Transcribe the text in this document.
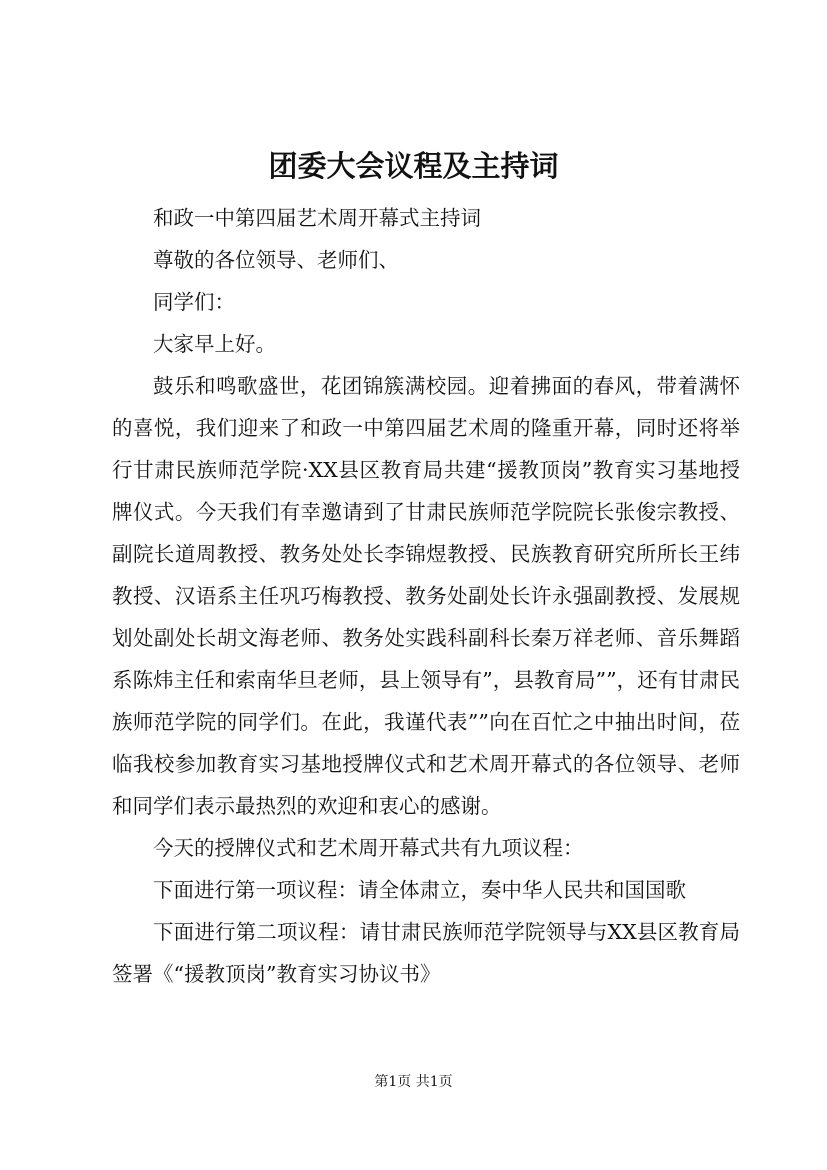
团委大会议程及主持词

和政一中第四届艺术周开幕式主持词

尊敬的各位领导、老师们、

同学们：

大家早上好。

鼓乐和鸣歌盛世，花团锦簇满校园。迎着拂面的春风，带着满怀的喜悦，我们迎来了和政一中第四届艺术周的隆重开幕，同时还将举行甘肃民族师范学院·XX县区教育局共建“援教顶岗”教育实习基地授牌仪式。今天我们有幸邀请到了甘肃民族师范学院院长张俊宗教授、副院长道周教授、教务处处长李锦煜教授、民族教育研究所所长王纬教授、汉语系主任巩巧梅教授、教务处副处长许永强副教授、发展规划处副处长胡文海老师、教务处实践科副科长秦万祥老师、音乐舞蹈系陈炜主任和索南华旦老师，县上领导有”，县教育局””，还有甘肃民族师范学院的同学们。在此，我谨代表””向在百忙之中抽出时间，莅临我校参加教育实习基地授牌仪式和艺术周开幕式的各位领导、老师和同学们表示最热烈的欢迎和衷心的感谢。

今天的授牌仪式和艺术周开幕式共有九项议程：

下面进行第一项议程：请全体肃立，奏中华人民共和国国歌

下面进行第二项议程：请甘肃民族师范学院领导与XX县区教育局签署《“援教顶岗”教育实习协议书》

第1页 共1页
